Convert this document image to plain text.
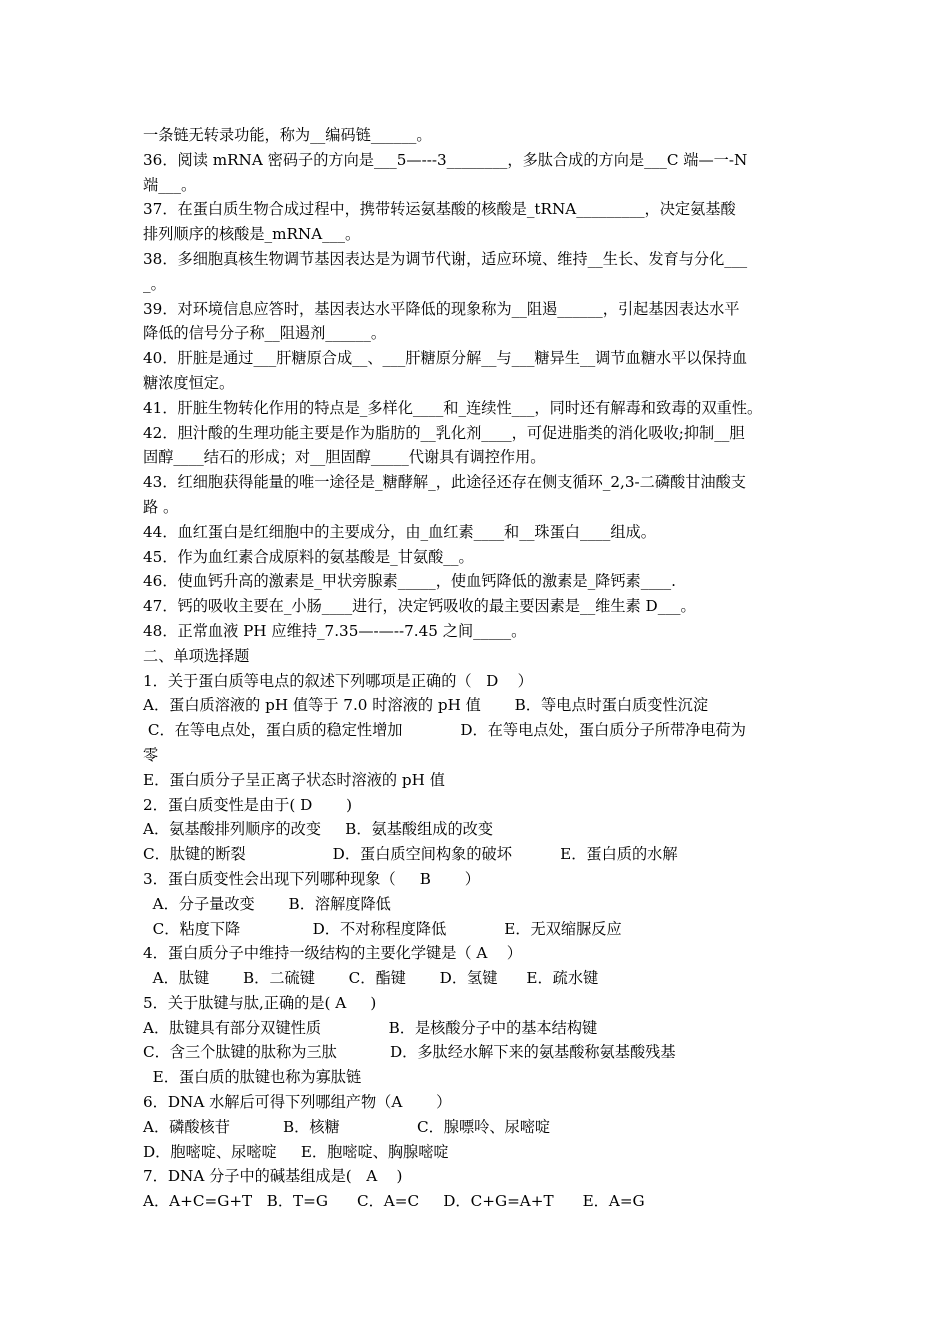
一条链无转录功能，称为__编码链______。
36．阅读 mRNA 密码子的方向是___5—---3________，多肽合成的方向是___C 端—一-N
端___。
37．在蛋白质生物合成过程中，携带转运氨基酸的核酸是_tRNA_________，决定氨基酸
排列顺序的核酸是_mRNA___。
38．多细胞真核生物调节基因表达是为调节代谢，适应环境、维持__生长、发育与分化___
_。
39．对环境信息应答时，基因表达水平降低的现象称为__阻遏______，引起基因表达水平
降低的信号分子称__阻遏剂______。
40．肝脏是通过___肝糖原合成__、___肝糖原分解__与___糖异生__调节血糖水平以保持血
糖浓度恒定。
41．肝脏生物转化作用的特点是_多样化____和_连续性___，同时还有解毒和致毒的双重性。
42．胆汁酸的生理功能主要是作为脂肪的__乳化剂____，可促进脂类的消化吸收;抑制__胆
固醇____结石的形成；对__胆固醇_____代谢具有调控作用。
43．红细胞获得能量的唯一途径是_糖酵解_，此途径还存在侧支循环_2,3-二磷酸甘油酸支
路 。
44．血红蛋白是红细胞中的主要成分，由_血红素____和__珠蛋白____组成。
45．作为血红素合成原料的氨基酸是_甘氨酸__。
46．使血钙升高的激素是_甲状旁腺素_____，使血钙降低的激素是_降钙素____.
47．钙的吸收主要在_小肠____进行，决定钙吸收的最主要因素是__维生素 D___。
48．正常血液 PH 应维持_7.35—-—--7.45 之间_____。
二、单项选择题
1．关于蛋白质等电点的叙述下列哪项是正确的（   D    ）
A．蛋白质溶液的 pH 值等于 7.0 时溶液的 pH 值       B．等电点时蛋白质变性沉淀
C．在等电点处，蛋白质的稳定性增加            D．在等电点处，蛋白质分子所带净电荷为
零
E．蛋白质分子呈正离子状态时溶液的 pH 值
2．蛋白质变性是由于( D       )
A．氨基酸排列顺序的改变     B．氨基酸组成的改变
C．肽键的断裂                  D．蛋白质空间构象的破坏          E．蛋白质的水解
3．蛋白质变性会出现下列哪种现象（     B       ）
A．分子量改变       B．溶解度降低
C．粘度下降               D．不对称程度降低            E．无双缩脲反应
4．蛋白质分子中维持一级结构的主要化学键是（ A    ）
A．肽键       B．二硫键       C．酯键       D．氢键      E．疏水键
5．关于肽键与肽,正确的是( A     )
A．肽键具有部分双键性质              B．是核酸分子中的基本结构键
C．含三个肽键的肽称为三肽           D．多肽经水解下来的氨基酸称氨基酸残基
E．蛋白质的肽键也称为寡肽链
6．DNA 水解后可得下列哪组产物（A       ）
A．磷酸核苷           B．核糖                C．腺嘌呤、尿嘧啶
D．胞嘧啶、尿嘧啶     E．胞嘧啶、胸腺嘧啶
7．DNA 分子中的碱基组成是(   A    )
A．A+C=G+T   B．T=G      C．A=C     D．C+G=A+T      E．A=G
